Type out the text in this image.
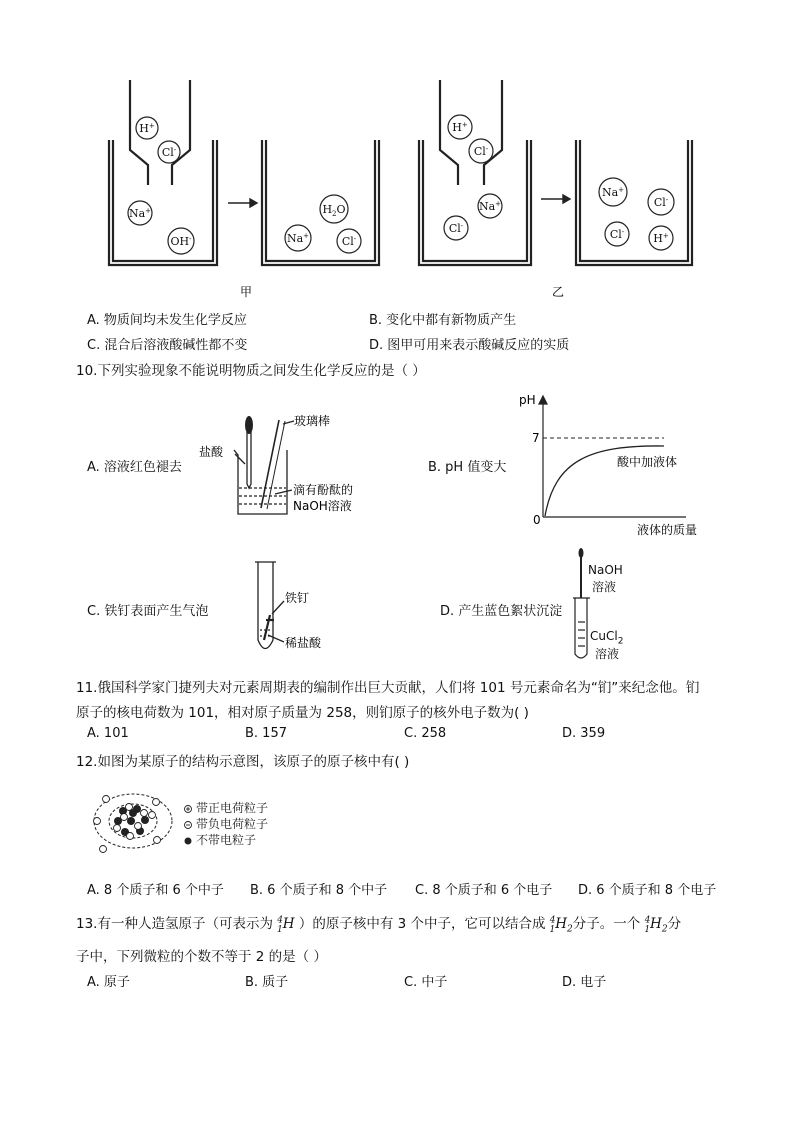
H+
Cl-
Na+
OH-
$H_2O$
Na+	Cl-
H+
Cl-
Na+
Cl-
Na+
Cl-
Cl-	H+
甲	乙
A. 物质间均未发生化学反应	B. 变化中都有新物质产生
C. 混合后溶液酸碱性都不变	D. 图甲可用来表示酸碱反应的实质
10.下列实验现象不能说明物质之间发生化学反应的是（ ）
A. 溶液红色褪去
玻璃棒
盐酸
滴有酚酞的
NaOH溶液
B. pH 值变大
pH
7
0
酸中加液体
液体的质量
C. 铁钉表面产生气泡
铁钉
稀盐酸
D. 产生蓝色絮状沉淀
NaOH
溶液
CuCl$_2$
溶液
11.俄国科学家门捷列夫对元素周期表的编制作出巨大贡献，人们将 101 号元素命名为“钔”来纪念他。钔
原子的核电荷数为 101，相对原子质量为 258，则钔原子的核外电子数为( )
A. 101	B. 157	C. 258	D. 359
12.如图为某原子的结构示意图，该原子的原子核中有( )
带正电荷粒子
带负电荷粒子
不带电粒子
A. 8 个质子和 6 个中子 B. 6 个质子和 8 个中子 C. 8 个质子和 6 个电子 D. 6 个质子和 8 个电子
13.有一种人造氢原子（可表示为 $^4_1$H ）的原子核中有 3 个中子，它可以结合成 $^4_1H_2$分子。一个 $^4_1H_2$分
子中，下列微粒的个数不等于 2 的是（ ）
A. 原子	B. 质子	C. 中子	D. 电子
